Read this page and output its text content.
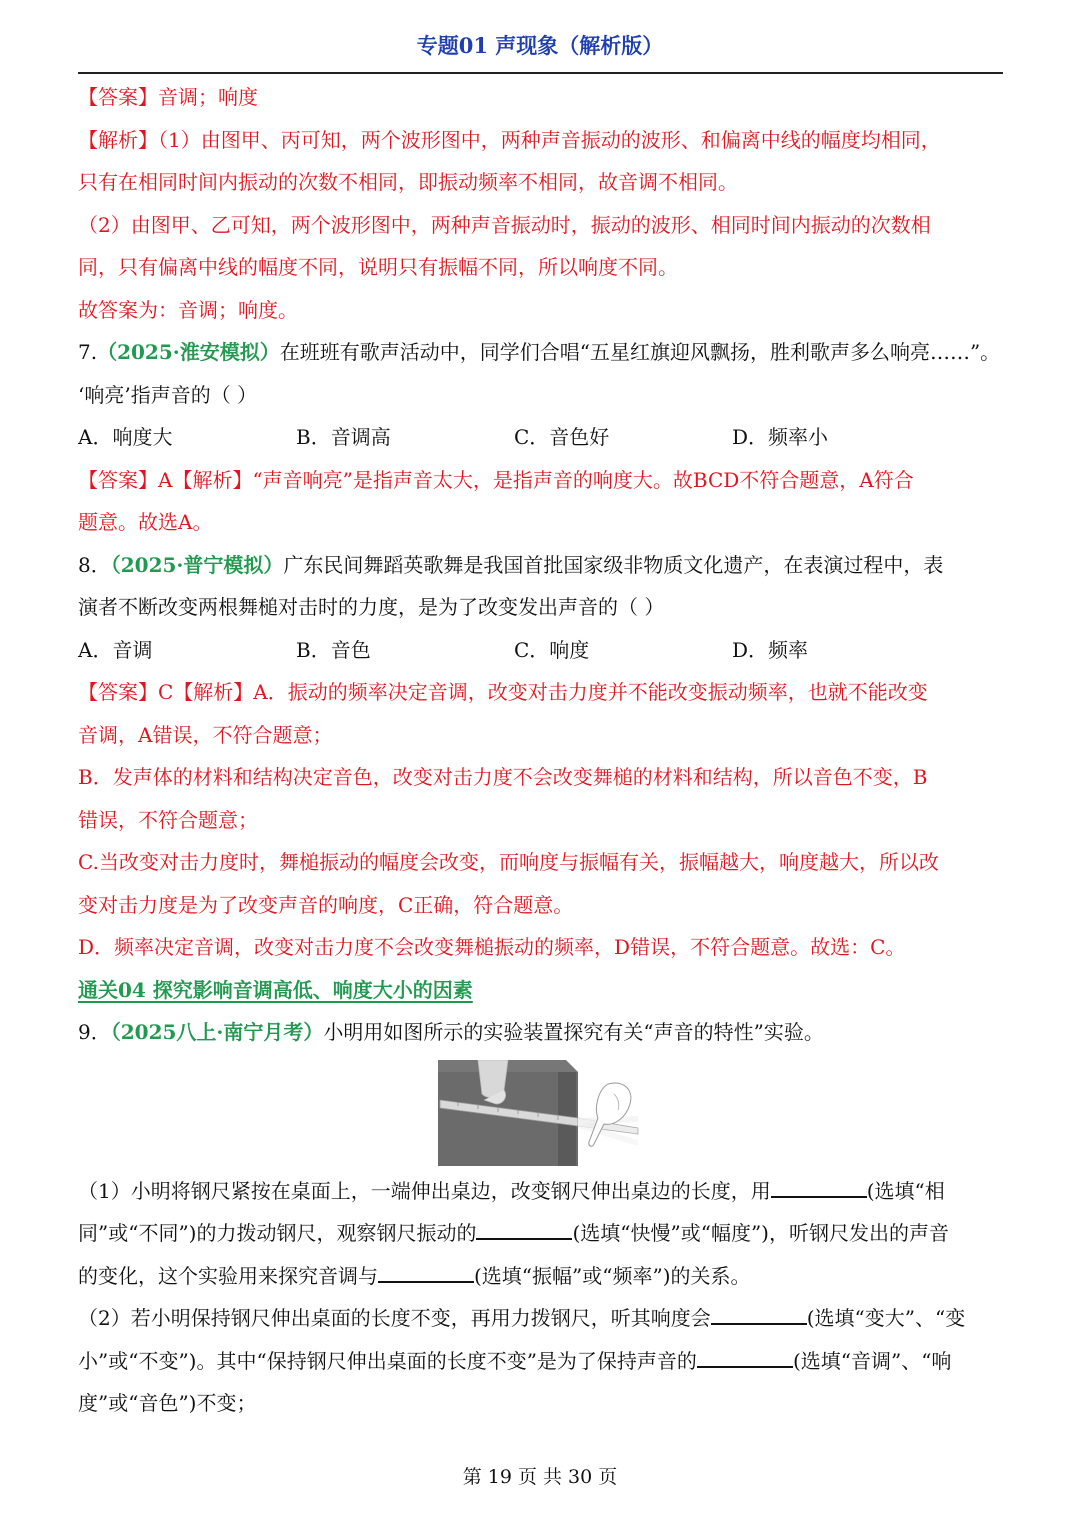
专题01 声现象（解析版）
【答案】音调；响度
【解析】（1）由图甲、丙可知，两个波形图中，两种声音振动的波形、和偏离中线的幅度均相同，
只有在相同时间内振动的次数不相同，即振动频率不相同，故音调不相同。
（2）由图甲、乙可知，两个波形图中，两种声音振动时，振动的波形、相同时间内振动的次数相
同，只有偏离中线的幅度不同，说明只有振幅不同，所以响度不同。
故答案为：音调；响度。
7.（2025·淮安模拟）在班班有歌声活动中，同学们合唱“五星红旗迎风飘扬，胜利歌声多么响亮……”。
‘响亮’指声音的（ ）
A．响度大	B．音调高	C．音色好	D．频率小
【答案】A【解析】“声音响亮”是指声音太大，是指声音的响度大。故BCD不符合题意，A符合
题意。故选A。
8．（2025·普宁模拟）广东民间舞蹈英歌舞是我国首批国家级非物质文化遗产，在表演过程中，表
演者不断改变两根舞槌对击时的力度，是为了改变发出声音的（ ）
A．音调	B．音色	C．响度	D．频率
【答案】C【解析】A．振动的频率决定音调，改变对击力度并不能改变振动频率，也就不能改变
音调，A错误，不符合题意；
B．发声体的材料和结构决定音色，改变对击力度不会改变舞槌的材料和结构，所以音色不变，B
错误，不符合题意；
C.当改变对击力度时，舞槌振动的幅度会改变，而响度与振幅有关，振幅越大，响度越大，所以改
变对击力度是为了改变声音的响度，C正确，符合题意。
D．频率决定音调，改变对击力度不会改变舞槌振动的频率，D错误，不符合题意。故选：C。
通关04 探究影响音调高低、响度大小的因素
9．（2025八上·南宁月考）小明用如图所示的实验装置探究有关“声音的特性”实验。
（1）小明将钢尺紧按在桌面上，一端伸出桌边，改变钢尺伸出桌边的长度，用	(选填“相
同”或“不同”)的力拨动钢尺，观察钢尺振动的	(选填“快慢”或“幅度”)，听钢尺发出的声音
的变化，这个实验用来探究音调与	(选填“振幅”或“频率”)的关系。
（2）若小明保持钢尺伸出桌面的长度不变，再用力拨钢尺，听其响度会	(选填“变大”、“变
小”或“不变”)。其中“保持钢尺伸出桌面的长度不变”是为了保持声音的	(选填“音调”、“响
度”或“音色”)不变；
第 19 页 共 30 页
